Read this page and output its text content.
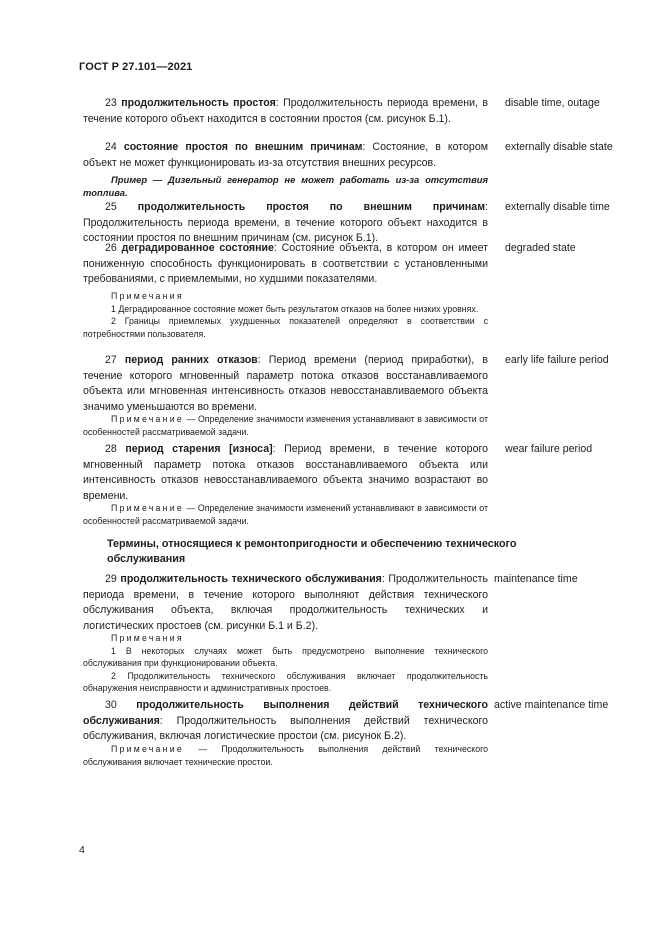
ГОСТ Р 27.101—2021
23 продолжительность простоя: Продолжительность периода времени, в течение которого объект находится в состоянии простоя (см. рисунок Б.1).
disable time, outage
24 состояние простоя по внешним причинам: Состояние, в котором объект не может функционировать из-за отсутствия внешних ресурсов.
externally disable state
Пример — Дизельный генератор не может работать из-за отсутствия топлива.
25 продолжительность простоя по внешним причинам: Продолжительность периода времени, в течение которого объект находится в состоянии простоя по внешним причинам (см. рисунок Б.1).
externally disable time
26 деградированное состояние: Состояние объекта, в котором он имеет пониженную способность функционировать в соответствии с установленными требованиями, с приемлемыми, но худшими показателями.
degraded state
Примечания
1 Деградированное состояние может быть результатом отказов на более низких уровнях.
2 Границы приемлемых ухудшенных показателей определяют в соответствии с потребностями пользователя.
27 период ранних отказов: Период времени (период приработки), в течение которого мгновенный параметр потока отказов восстанавливаемого объекта или мгновенная интенсивность отказов невосстанавливаемого объекта значимо уменьшаются во времени.
early life failure period
Примечание — Определение значимости изменения устанавливают в зависимости от особенностей рассматриваемой задачи.
28 период старения [износа]: Период времени, в течение которого мгновенный параметр потока отказов восстанавливаемого объекта или интенсивность отказов невосстанавливаемого объекта значимо возрастают во времени.
wear failure period
Примечание — Определение значимости изменений устанавливают в зависимости от особенностей рассматриваемой задачи.
Термины, относящиеся к ремонтопригодности и обеспечению технического обслуживания
29 продолжительность технического обслуживания: Продолжительность периода времени, в течение которого выполняют действия технического обслуживания объекта, включая продолжительность технических и логистических простоев (см. рисунки Б.1 и Б.2).
maintenance time
Примечания
1 В некоторых случаях может быть предусмотрено выполнение технического обслуживания при функционировании объекта.
2 Продолжительность технического обслуживания включает продолжительность обнаружения неисправности и административных простоев.
30 продолжительность выполнения действий технического обслуживания: Продолжительность выполнения действий технического обслуживания, включая логистические простои (см. рисунок Б.2).
active maintenance time
Примечание — Продолжительность выполнения действий технического обслуживания включает технические простои.
4
